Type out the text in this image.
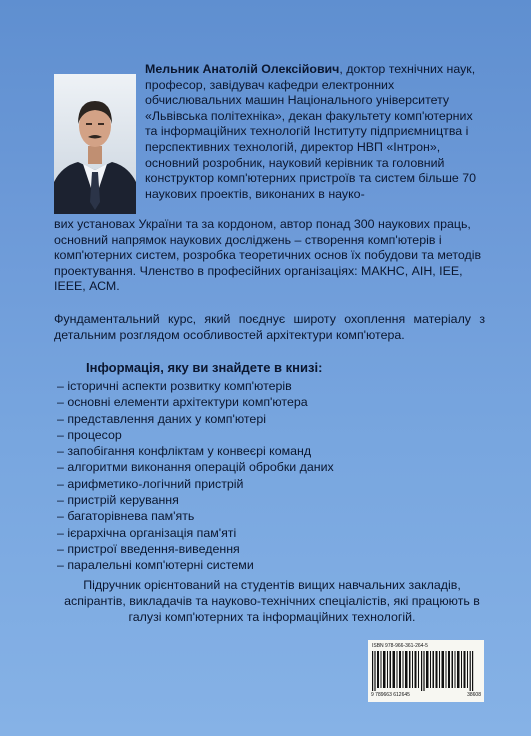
Мельник Анатолій Олексійович, доктор технічних наук, професор, завідувач кафедри електронних обчислювальних машин Національного університету «Львівська політехніка», декан факультету комп'ютерних та інформаційних технологій Інституту підприємництва і перспективних технологій, директор НВП «Інтрон», основний розробник, науковий керівник та головний конструктор комп'ютерних пристроїв та систем більше 70 наукових проектів, виконаних в науко-

вих установах України та за кордоном, автор понад 300 наукових праць, основний напрямок наукових досліджень – створення комп'ютерів і комп'ютерних систем, розробка теоретичних основ їх побудови та методів проектування. Членство в професійних організаціях: МАКНС, АІН, ІЕЕ, ІЕЕЕ, АСМ.

Фундаментальний курс, який поєднує широту охоплення матеріалу з детальним розглядом особливостей архітектури комп'ютера.

Інформація, яку ви знайдете в книзі:

– історичні аспекти розвитку комп'ютерів
– основні елементи архітектури комп'ютера
– представлення даних у комп'ютері
– процесор
– запобігання конфліктам у конвеєрі команд
– алгоритми виконання операцій обробки даних
– арифметико-логічний пристрій
– пристрій керування
– багаторівнева пам'ять
– ієрархічна організація пам'яті
– пристрої введення-виведення
– паралельні комп'ютерні системи

Підручник орієнтований на студентів вищих навчальних закладів, аспірантів, викладачів та науково-технічних спеціалістів, які працюють в галузі комп'ютерних та інформаційних технологій.

ISBN 978-966-361-264-5

9 789663 612645	38608
